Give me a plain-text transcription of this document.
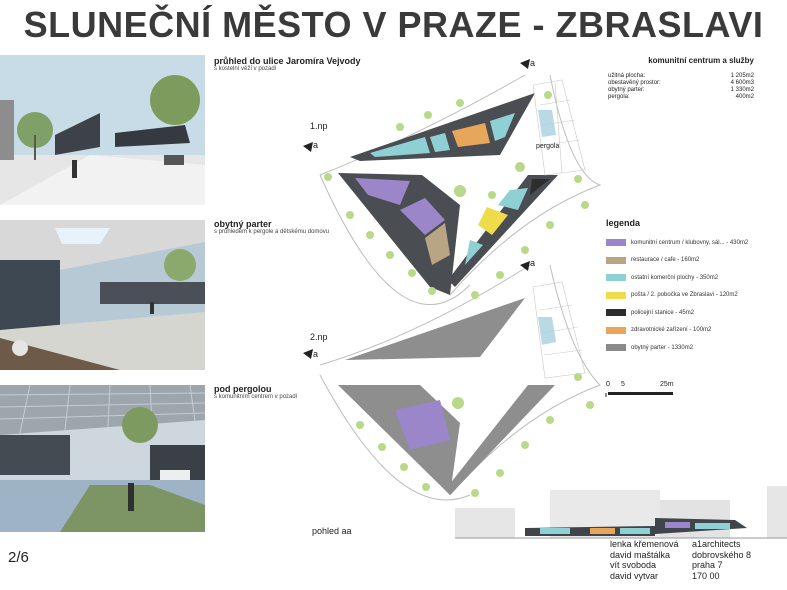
SLUNEČNÍ MĚSTO V PRAZE - ZBRASLAVI
průhled do ulice Jaromíra Vejvody
s kostelní věží v pozadí
obytný parter
s průhledem k pergole a dětskému domovu
pod pergolou
s komunitním centrem v pozadí
1.np
2.np
a
a
a
a
pergola
komunitní centrum a služby
užitná plocha:	1 205m2
obestavěný prostor:	4 600m3
obytný parter:	1 330m2
pergola:	400m2
legenda
komunitní centrum / klubovny, sál... - 430m2
restaurace / cafe - 160m2
ostatní komerční plochy - 350m2
pošta / 2. pobočka ve Zbraslavi - 120m2
policejní stanice - 45m2
zdravotnické zařízení - 100m2
obytný parter - 1330m2
0 5	25m
pohled aa
lenka křemenová
david maštálka
vít svoboda
david vytvar
a1architects
dobrovského 8
praha 7
170 00
2/6
